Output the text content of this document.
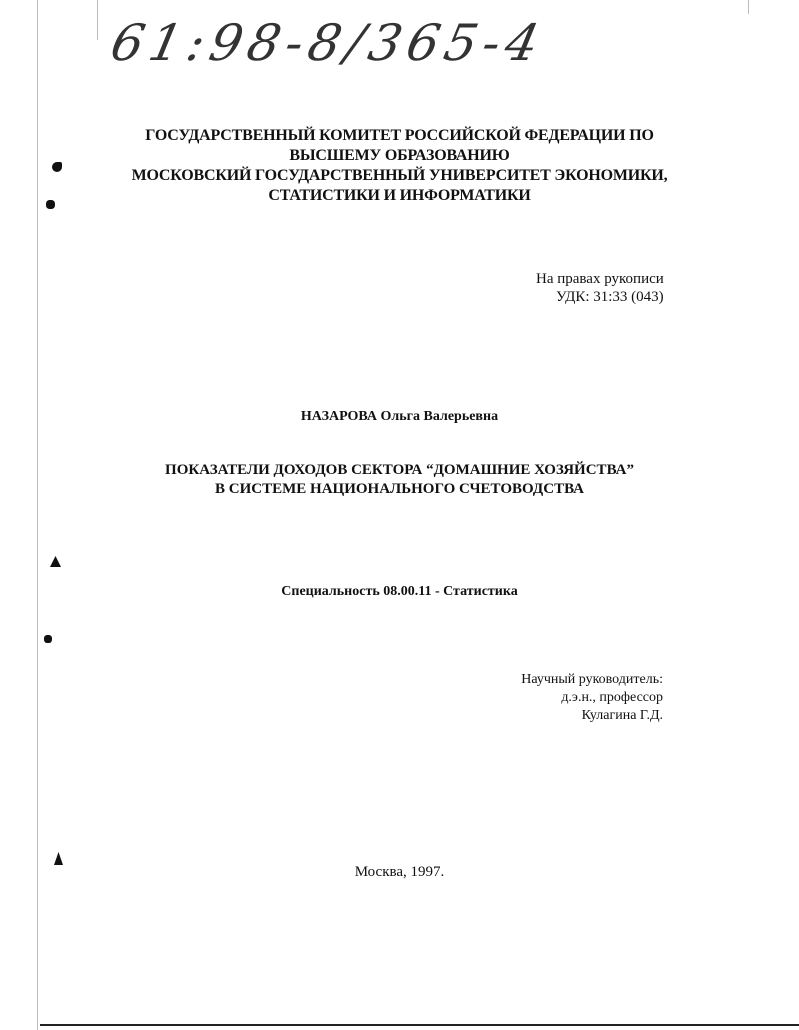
61:98-8/365-4
ГОСУДАРСТВЕННЫЙ КОМИТЕТ РОССИЙСКОЙ ФЕДЕРАЦИИ ПО
ВЫСШЕМУ ОБРАЗОВАНИЮ
МОСКОВСКИЙ ГОСУДАРСТВЕННЫЙ УНИВЕРСИТЕТ ЭКОНОМИКИ,
СТАТИСТИКИ И ИНФОРМАТИКИ
На правах рукописи
УДК: 31:33 (043)
НАЗАРОВА Ольга Валерьевна
ПОКАЗАТЕЛИ ДОХОДОВ СЕКТОРА “ДОМАШНИЕ ХОЗЯЙСТВА”
В СИСТЕМЕ НАЦИОНАЛЬНОГО СЧЕТОВОДСТВА
Специальность 08.00.11 - Статистика
Научный руководитель:
д.э.н., профессор
Кулагина Г.Д.
Москва, 1997.
